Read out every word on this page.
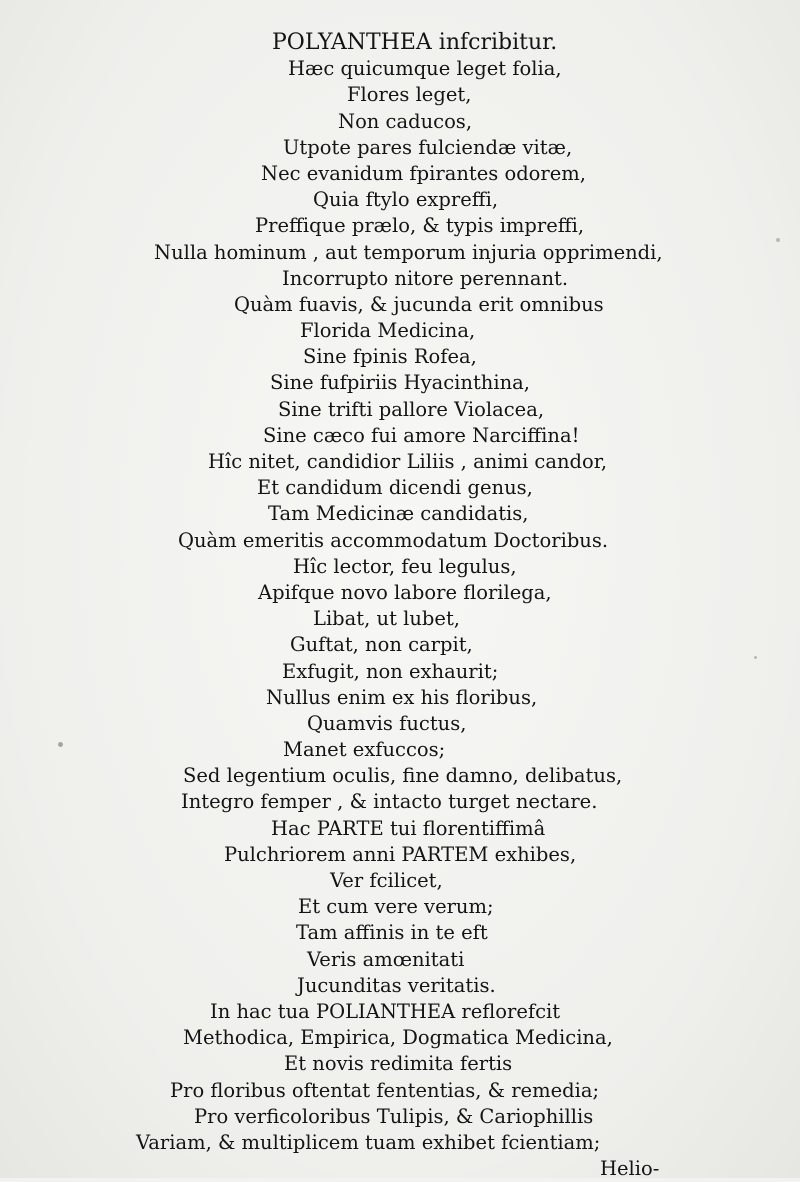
POLYANTHEA infcribitur.
Hæc quicumque leget folia,
Flores leget,
Non caducos,
Utpote pares fulciendæ vitæ,
Nec evanidum fpirantes odorem,
Quia ftylo expreffi,
Preffique prælo, & typis impreffi,
Nulla hominum , aut temporum injuria opprimendi,
Incorrupto nitore perennant.
Quàm fuavis, & jucunda erit omnibus
Florida Medicina,
Sine fpinis Rofea,
Sine fufpiriis Hyacinthina,
Sine trifti pallore Violacea,
Sine cæco fui amore Narciffina!
Hîc nitet, candidior Liliis , animi candor,
Et candidum dicendi genus,
Tam Medicinæ candidatis,
Quàm emeritis accommodatum Doctoribus.
Hîc lector, feu legulus,
Apifque novo labore florilega,
Libat, ut lubet,
Guftat, non carpit,
Exfugit, non exhaurit;
Nullus enim ex his floribus,
Quamvis fuctus,
Manet exfuccos;
Sed legentium oculis, fine damno, delibatus,
Integro femper , & intacto turget nectare.
Hac PARTE tui florentiffimâ
Pulchriorem anni PARTEM exhibes,
Ver fcilicet,
Et cum vere verum;
Tam affinis in te eft
Veris amœnitati
Jucunditas veritatis.
In hac tua POLIANTHEA reflorefcit
Methodica, Empirica, Dogmatica Medicina,
Et novis redimita fertis
Pro floribus oftentat fententias, & remedia;
Pro verficoloribus Tulipis, & Cariophillis
Variam, & multiplicem tuam exhibet fcientiam;
Helio-
